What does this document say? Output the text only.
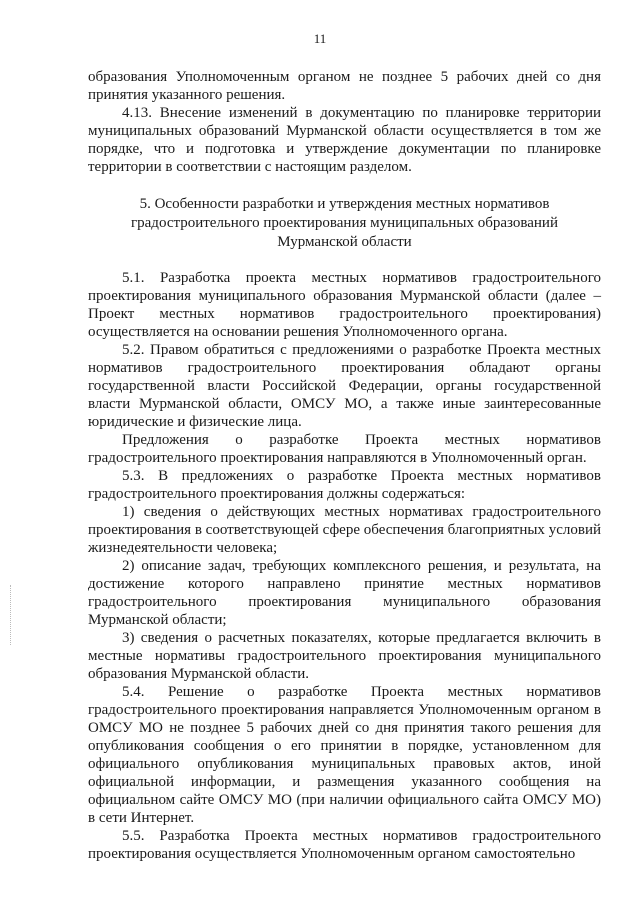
11

образования Уполномоченным органом не позднее 5 рабочих дней со дня принятия указанного решения.

4.13. Внесение изменений в документацию по планировке территории муниципальных образований Мурманской области осуществляется в том же порядке, что и подготовка и утверждение документации по планировке территории в соответствии с настоящим разделом.

5. Особенности разработки и утверждения местных нормативов
градостроительного проектирования муниципальных образований
Мурманской области

5.1. Разработка проекта местных нормативов градостроительного проектирования муниципального образования Мурманской области (далее – Проект местных нормативов градостроительного проектирования) осуществляется на основании решения Уполномоченного органа.

5.2. Правом обратиться с предложениями о разработке Проекта местных нормативов градостроительного проектирования обладают органы государственной власти Российской Федерации, органы государственной власти Мурманской области, ОМСУ МО, а также иные заинтересованные юридические и физические лица.

Предложения о разработке Проекта местных нормативов градостроительного проектирования направляются в Уполномоченный орган.

5.3. В предложениях о разработке Проекта местных нормативов градостроительного проектирования должны содержаться:

1) сведения о действующих местных нормативах градостроительного проектирования в соответствующей сфере обеспечения благоприятных условий жизнедеятельности человека;

2) описание задач, требующих комплексного решения, и результата, на достижение которого направлено принятие местных нормативов градостроительного проектирования муниципального образования Мурманской области;

3) сведения о расчетных показателях, которые предлагается включить в местные нормативы градостроительного проектирования муниципального образования Мурманской области.

5.4. Решение о разработке Проекта местных нормативов градостроительного проектирования направляется Уполномоченным органом в ОМСУ МО не позднее 5 рабочих дней со дня принятия такого решения для опубликования сообщения о его принятии в порядке, установленном для официального опубликования муниципальных правовых актов, иной официальной информации, и размещения указанного сообщения на официальном сайте ОМСУ МО (при наличии официального сайта ОМСУ МО) в сети Интернет.

5.5. Разработка Проекта местных нормативов градостроительного проектирования осуществляется Уполномоченным органом самостоятельно
